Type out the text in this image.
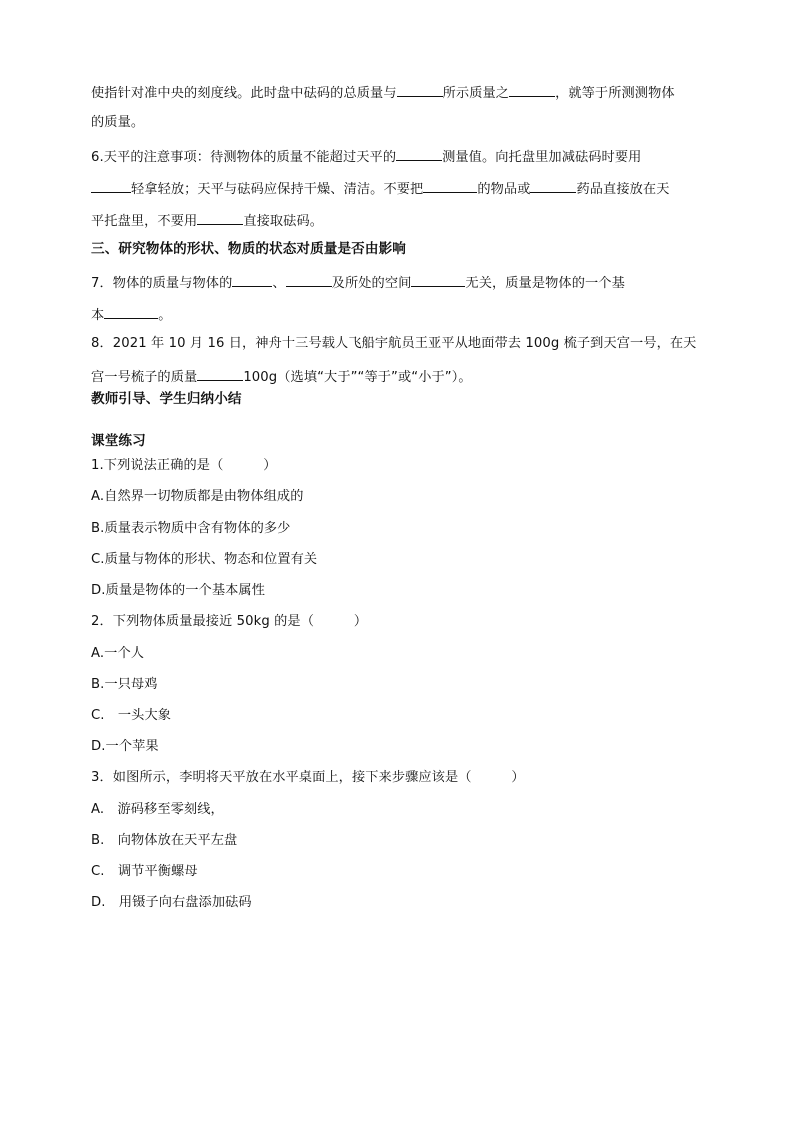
使指针对准中央的刻度线。此时盘中砝码的总质量与	所示质量之	，就等于所测测物体
的质量。
6.天平的注意事项：待测物体的质量不能超过天平的	测量值。向托盘里加减砝码时要用
轻拿轻放；天平与砝码应保持干燥、清洁。不要把	的物品或	药品直接放在天
平托盘里，不要用	直接取砝码。
三、研究物体的形状、物质的状态对质量是否由影响
7．物体的质量与物体的	、	及所处的空间	无关，质量是物体的一个基
本	。
8．2021 年 10 月 16 日，神舟十三号载人飞船宇航员王亚平从地面带去 100g 梳子到天宫一号，在天
宫一号梳子的质量	100g（选填“大于”“等于”或“小于”）。
教师引导、学生归纳小结
课堂练习
1.下列说法正确的是（　　　）
A.自然界一切物质都是由物体组成的
B.质量表示物质中含有物体的多少
C.质量与物体的形状、物态和位置有关
D.质量是物体的一个基本属性
2．下列物体质量最接近 50kg 的是（　　　）
A.一个人
B.一只母鸡
C.　一头大象
D.一个苹果
3．如图所示，李明将天平放在水平桌面上，接下来步骤应该是（　　　）
A.　游码移至零刻线，
B.　向物体放在天平左盘
C.　调节平衡螺母
D.　用镊子向右盘添加砝码
